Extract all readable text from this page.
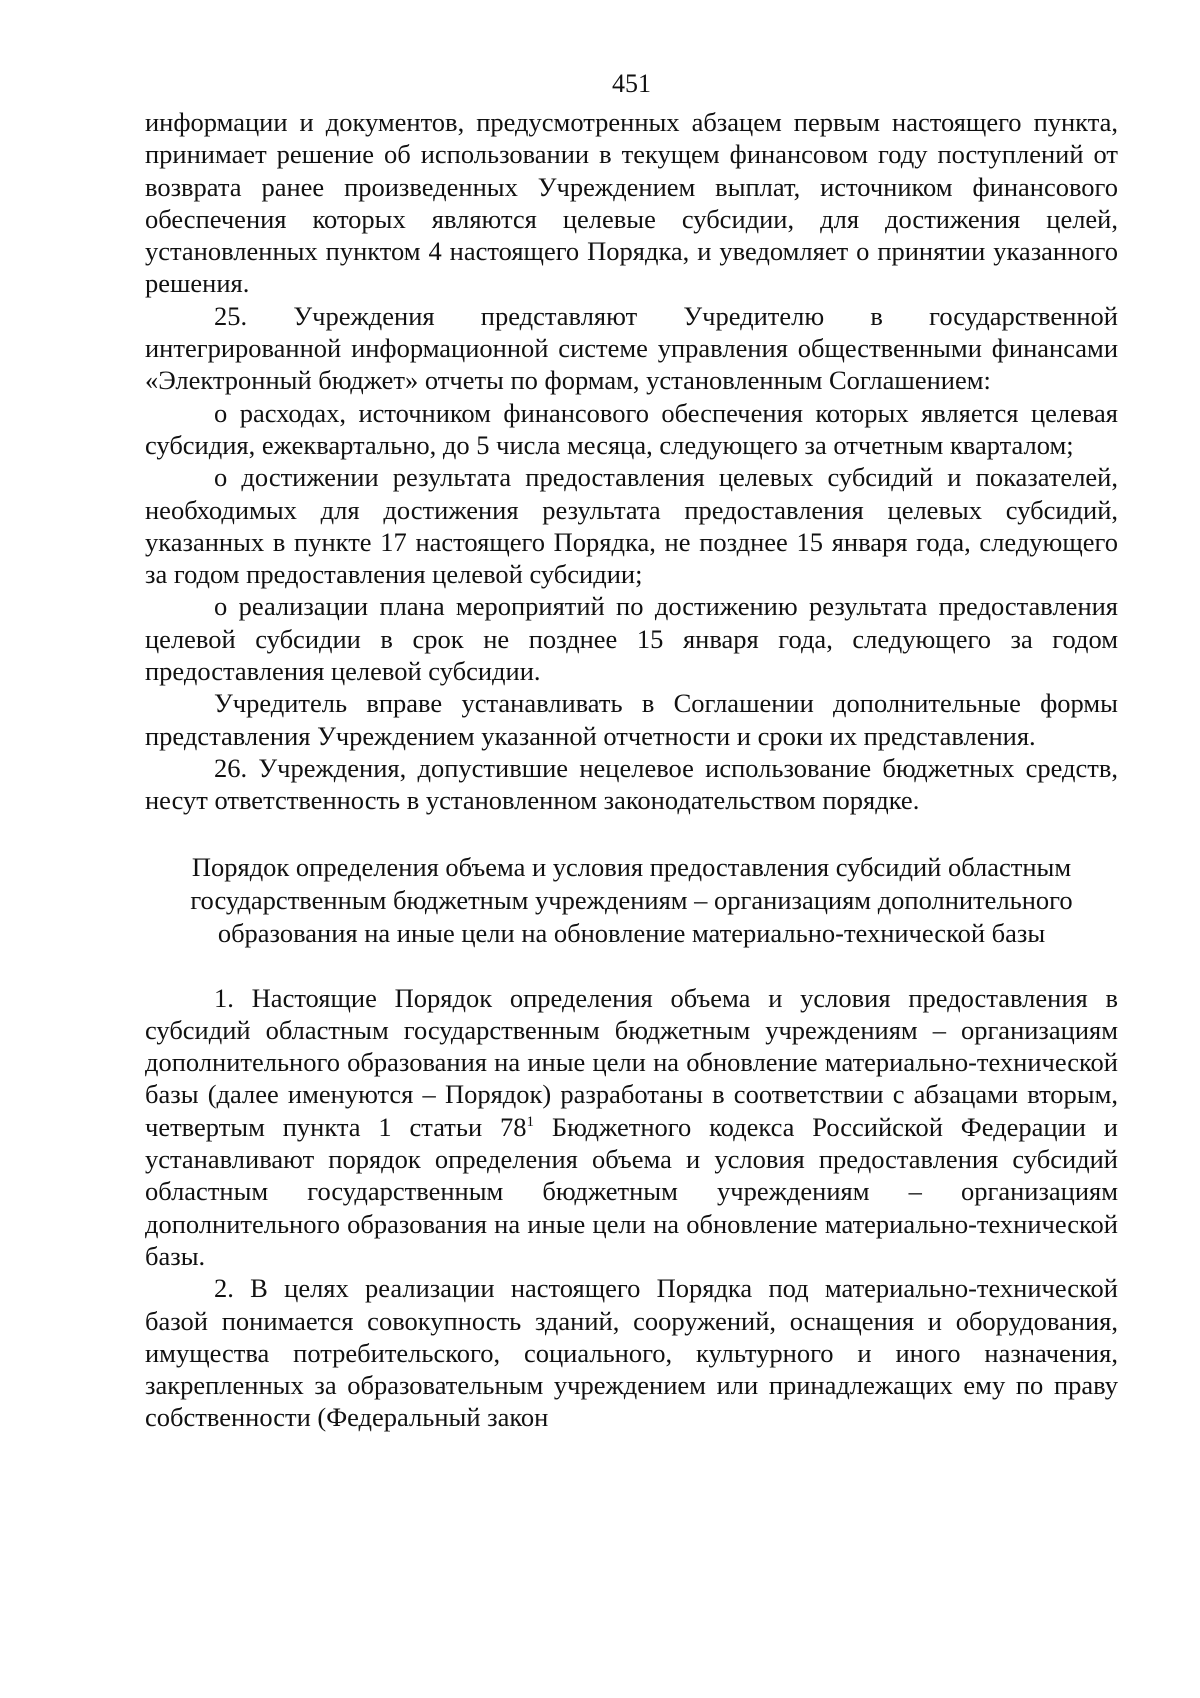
451

информации и документов, предусмотренных абзацем первым настоящего пункта, принимает решение об использовании в текущем финансовом году поступлений от возврата ранее произведенных Учреждением выплат, источником финансового обеспечения которых являются целевые субсидии, для достижения целей, установленных пунктом 4 настоящего Порядка, и уведомляет о принятии указанного решения.

25. Учреждения представляют Учредителю в государственной интегрированной информационной системе управления общественными финансами «Электронный бюджет» отчеты по формам, установленным Соглашением:

о расходах, источником финансового обеспечения которых является целевая субсидия, ежеквартально, до 5 числа месяца, следующего за отчетным кварталом;

о достижении результата предоставления целевых субсидий и показателей, необходимых для достижения результата предоставления целевых субсидий, указанных в пункте 17 настоящего Порядка, не позднее 15 января года, следующего за годом предоставления целевой субсидии;

о реализации плана мероприятий по достижению результата предоставления целевой субсидии в срок не позднее 15 января года, следующего за годом предоставления целевой субсидии.

Учредитель вправе устанавливать в Соглашении дополнительные формы представления Учреждением указанной отчетности и сроки их представления.

26. Учреждения, допустившие нецелевое использование бюджетных средств, несут ответственность в установленном законодательством порядке.

Порядок определения объема и условия предоставления субсидий областным
государственным бюджетным учреждениям – организациям дополнительного
образования на иные цели на обновление материально-технической базы

1. Настоящие Порядок определения объема и условия предоставления в субсидий областным государственным бюджетным учреждениям – организациям дополнительного образования на иные цели на обновление материально-технической базы (далее именуются – Порядок) разработаны в соответствии с абзацами вторым, четвертым пункта 1 статьи $78^1$ Бюджетного кодекса Российской Федерации и устанавливают порядок определения объема и условия предоставления субсидий областным государственным бюджетным учреждениям – организациям дополнительного образования на иные цели на обновление материально-технической базы.

2. В целях реализации настоящего Порядка под материально-технической базой понимается совокупность зданий, сооружений, оснащения и оборудования, имущества потребительского, социального, культурного и иного назначения, закрепленных за образовательным учреждением или принадлежащих ему по праву собственности (Федеральный закон
